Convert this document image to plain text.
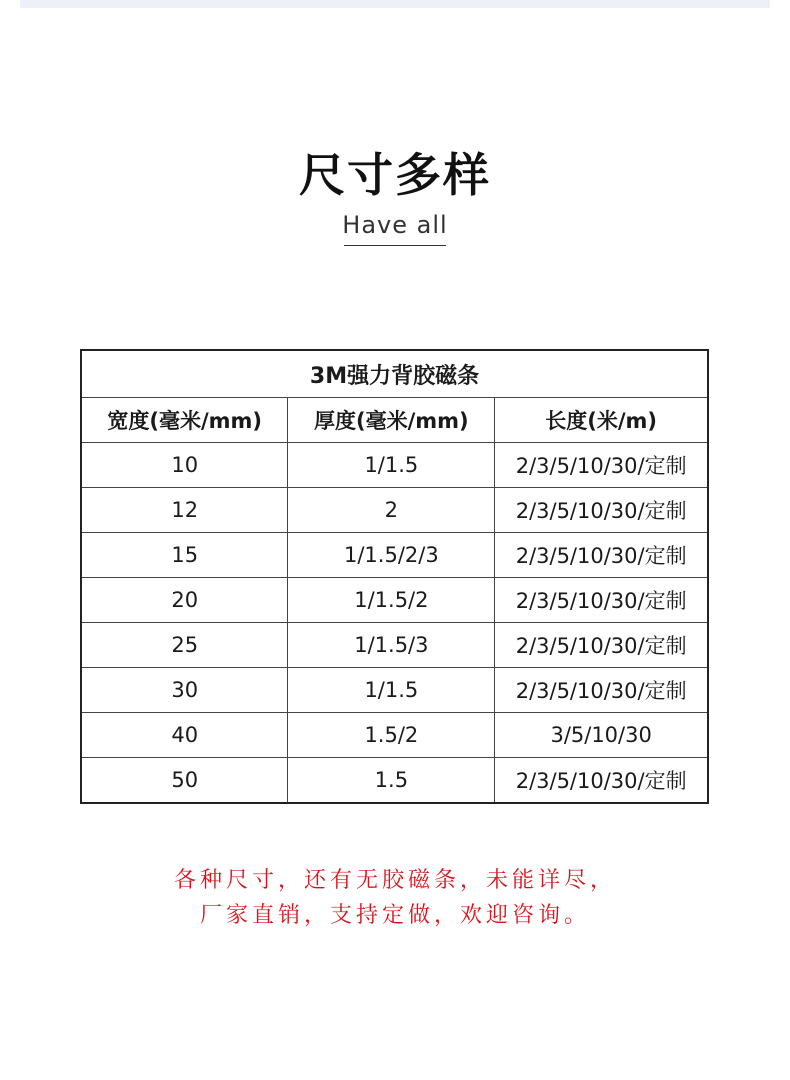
尺寸多样
Have all
3M强力背胶磁条		
宽度(毫米/mm)	厚度(毫米/mm)	长度(米/m)
10	1/1.5	2/3/5/10/30/定制
12	2	2/3/5/10/30/定制
15	1/1.5/2/3	2/3/5/10/30/定制
20	1/1.5/2	2/3/5/10/30/定制
25	1/1.5/3	2/3/5/10/30/定制
30	1/1.5	2/3/5/10/30/定制
40	1.5/2	3/5/10/30
50	1.5	2/3/5/10/30/定制
各种尺寸，还有无胶磁条，未能详尽，
厂家直销，支持定做，欢迎咨询。
